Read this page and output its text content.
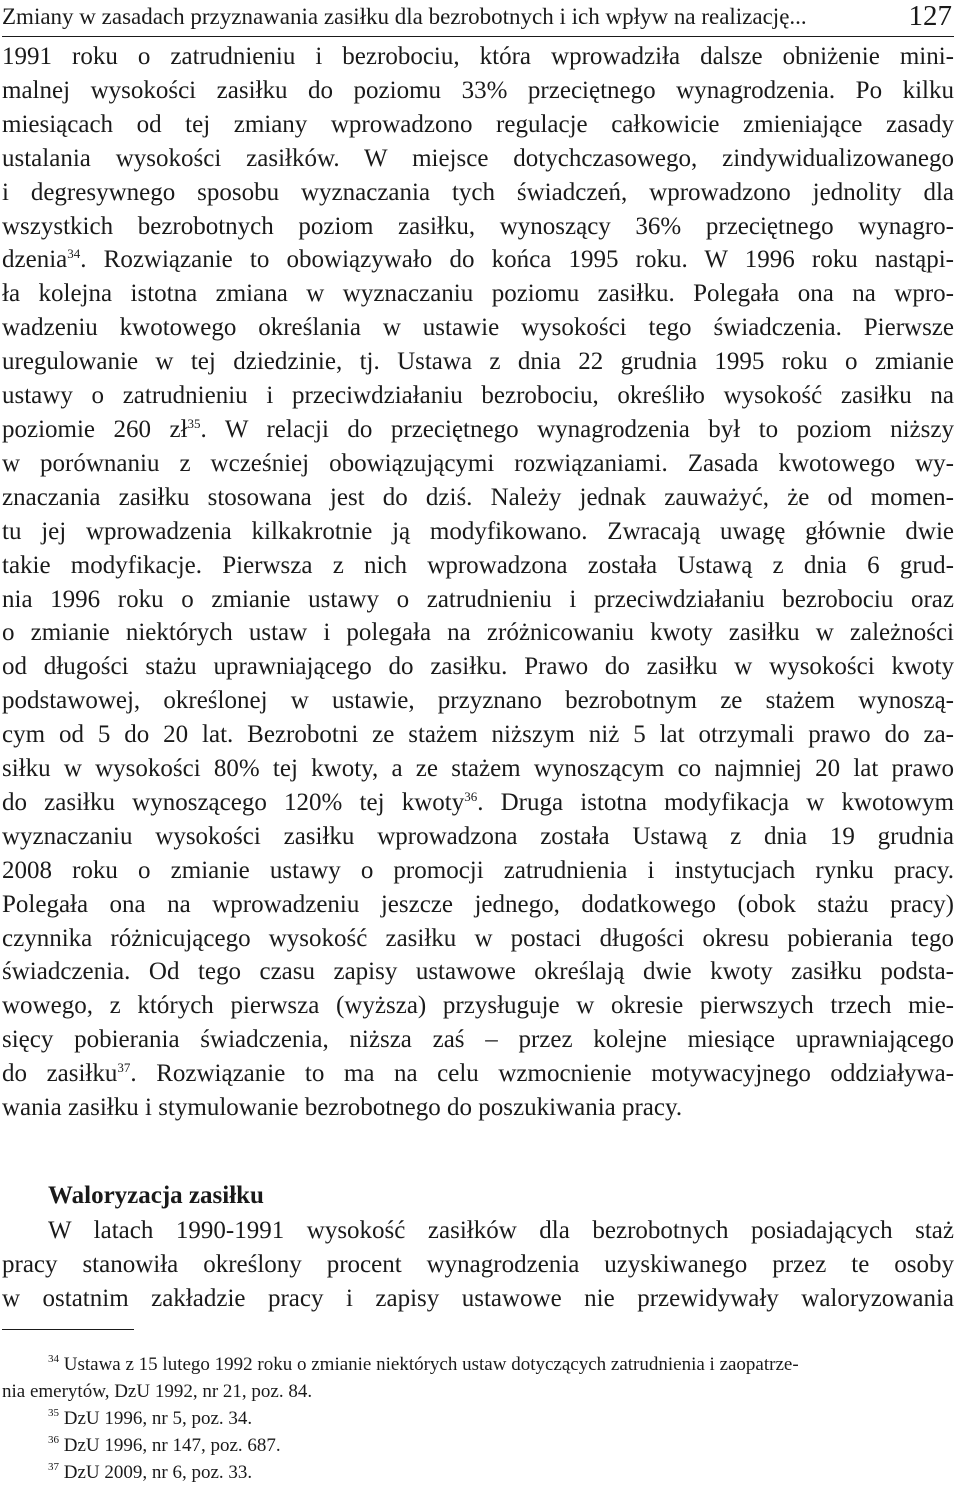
Zmiany w zasadach przyznawania zasiłku dla bezrobotnych i ich wpływ na realizację...	127
1991 roku o zatrudnieniu i bezrobociu, która wprowadziła dalsze obniżenie mini-
malnej wysokości zasiłku do poziomu 33% przeciętnego wynagrodzenia. Po kilku
miesiącach od tej zmiany wprowadzono regulacje całkowicie zmieniające zasady
ustalania wysokości zasiłków. W miejsce dotychczasowego, zindywidualizowanego
i degresywnego sposobu wyznaczania tych świadczeń, wprowadzono jednolity dla
wszystkich bezrobotnych poziom zasiłku, wynoszący 36% przeciętnego wynagro-
dzenia$^{34}$. Rozwiązanie to obowiązywało do końca 1995 roku. W 1996 roku nastąpi-
ła kolejna istotna zmiana w wyznaczaniu poziomu zasiłku. Polegała ona na wpro-
wadzeniu kwotowego określania w ustawie wysokości tego świadczenia. Pierwsze
uregulowanie w tej dziedzinie, tj. Ustawa z dnia 22 grudnia 1995 roku o zmianie
ustawy o zatrudnieniu i przeciwdziałaniu bezrobociu, określiło wysokość zasiłku na
poziomie 260 $zł^{35}$. W relacji do przeciętnego wynagrodzenia był to poziom niższy
w porównaniu z wcześniej obowiązującymi rozwiązaniami. Zasada kwotowego wy-
znaczania zasiłku stosowana jest do dziś. Należy jednak zauważyć, że od momen-
tu jej wprowadzenia kilkakrotnie ją modyfikowano. Zwracają uwagę głównie dwie
takie modyfikacje. Pierwsza z nich wprowadzona została Ustawą z dnia 6 grud-
nia 1996 roku o zmianie ustawy o zatrudnieniu i przeciwdziałaniu bezrobociu oraz
o zmianie niektórych ustaw i polegała na zróżnicowaniu kwoty zasiłku w zależności
od długości stażu uprawniającego do zasiłku. Prawo do zasiłku w wysokości kwoty
podstawowej, określonej w ustawie, przyznano bezrobotnym ze stażem wynoszą-
cym od 5 do 20 lat. Bezrobotni ze stażem niższym niż 5 lat otrzymali prawo do za-
siłku w wysokości 80% tej kwoty, a ze stażem wynoszącym co najmniej 20 lat prawo
do zasiłku wynoszącego 120% tej kwoty$^{36}$. Druga istotna modyfikacja w kwotowym
wyznaczaniu wysokości zasiłku wprowadzona została Ustawą z dnia 19 grudnia
2008 roku o zmianie ustawy o promocji zatrudnienia i instytucjach rynku pracy.
Polegała ona na wprowadzeniu jeszcze jednego, dodatkowego (obok stażu pracy)
czynnika różnicującego wysokość zasiłku w postaci długości okresu pobierania tego
świadczenia. Od tego czasu zapisy ustawowe określają dwie kwoty zasiłku podsta-
wowego, z których pierwsza (wyższa) przysługuje w okresie pierwszych trzech mie-
sięcy pobierania świadczenia, niższa zaś – przez kolejne miesiące uprawniającego
do zasiłku$^{37}$. Rozwiązanie to ma na celu wzmocnienie motywacyjnego oddziaływa-
wania zasiłku i stymulowanie bezrobotnego do poszukiwania pracy.
Waloryzacja zasiłku
W latach 1990-1991 wysokość zasiłków dla bezrobotnych posiadających staż
pracy stanowiła określony procent wynagrodzenia uzyskiwanego przez te osoby
w ostatnim zakładzie pracy i zapisy ustawowe nie przewidywały waloryzowania
$^{34}$ Ustawa z 15 lutego 1992 roku o zmianie niektórych ustaw dotyczących zatrudnienia i zaopatrze-
nia emerytów, DzU 1992, nr 21, poz. 84.
$^{35}$ DzU 1996, nr 5, poz. 34.
$^{36}$ DzU 1996, nr 147, poz. 687.
$^{37}$ DzU 2009, nr 6, poz. 33.
